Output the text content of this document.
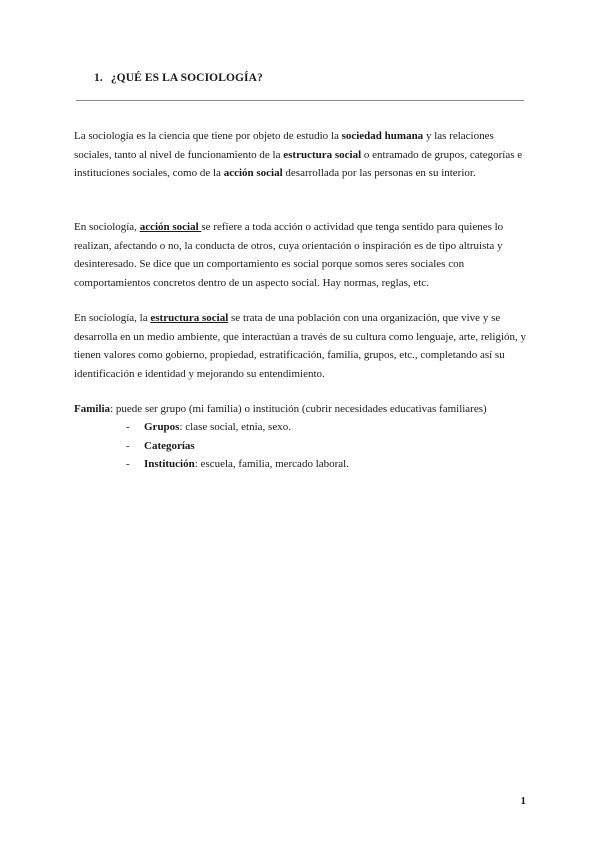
1. ¿QUÉ ES LA SOCIOLOGÍA?

La sociología es la ciencia que tiene por objeto de estudio la sociedad humana y las relaciones sociales, tanto al nivel de funcionamiento de la estructura social o entramado de grupos, categorías e instituciones sociales, como de la acción social desarrollada por las personas en su interior.

En sociología, acción social se refiere a toda acción o actividad que tenga sentido para quienes lo realizan, afectando o no, la conducta de otros, cuya orientación o inspiración es de tipo altruista y desinteresado. Se dice que un comportamiento es social porque somos seres sociales con comportamientos concretos dentro de un aspecto social. Hay normas, reglas, etc.

En sociología, la estructura social se trata de una población con una organización, que vive y se desarrolla en un medio ambiente, que interactúan a través de su cultura como lenguaje, arte, religión, y tienen valores como gobierno, propiedad, estratificación, familia, grupos, etc., completando así su identificación e identidad y mejorando su entendimiento.

Familia: puede ser grupo (mi familia) o institución (cubrir necesidades educativas familiares)

- Grupos: clase social, etnia, sexo.
- Categorías
- Institución: escuela, familia, mercado laboral.
1
